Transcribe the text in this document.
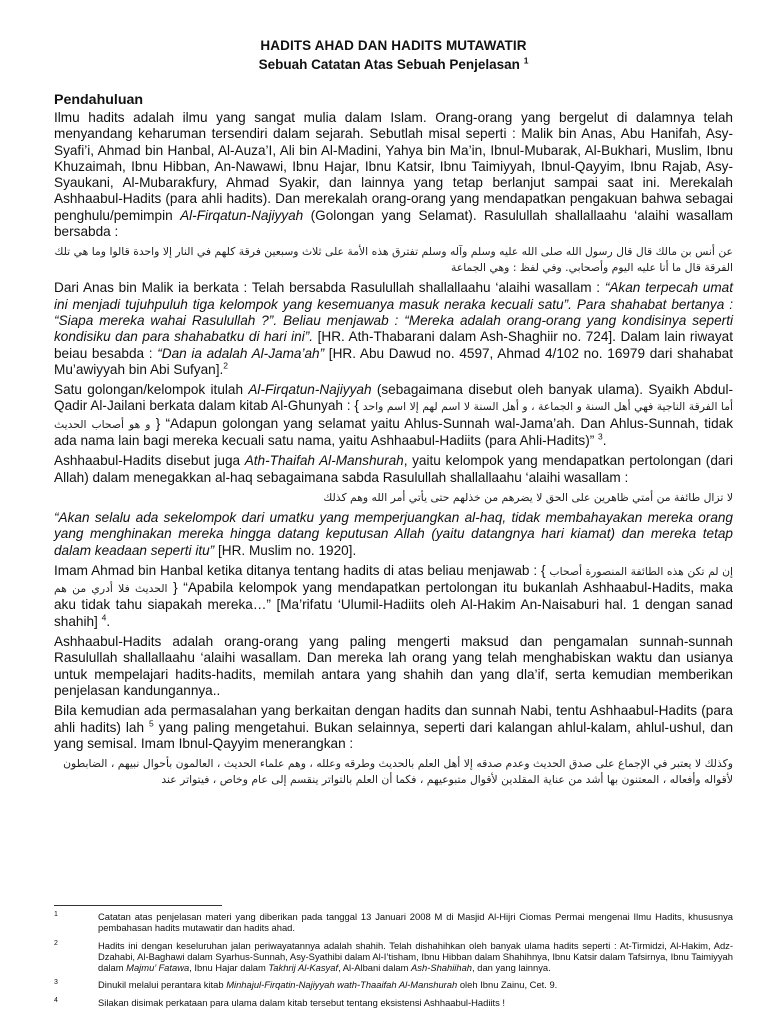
HADITS AHAD DAN HADITS MUTAWATIR
Sebuah Catatan Atas Sebuah Penjelasan $^1$
Pendahuluan

Ilmu hadits adalah ilmu yang sangat mulia dalam Islam. Orang-orang yang bergelut di dalamnya telah menyandang keharuman tersendiri dalam sejarah. Sebutlah misal seperti : Malik bin Anas, Abu Hanifah, Asy-Syafi’i, Ahmad bin Hanbal, Al-Auza’I, Ali bin Al-Madini, Yahya bin Ma’in, Ibnul-Mubarak, Al-Bukhari, Muslim, Ibnu Khuzaimah, Ibnu Hibban, An-Nawawi, Ibnu Hajar, Ibnu Katsir, Ibnu Taimiyyah, Ibnul-Qayyim, Ibnu Rajab, Asy-Syaukani, Al-Mubarakfury, Ahmad Syakir, dan lainnya yang tetap berlanjut sampai saat ini. Merekalah Ashhaabul-Hadits (para ahli hadits). Dan merekalah orang-orang yang mendapatkan pengakuan bahwa sebagai penghulu/pemimpin Al-Firqatun-Najiyyah (Golongan yang Selamat). Rasulullah shallallaahu ‘alaihi wasallam bersabda :

عن أنس بن مالك قال قال رسول الله صلى الله عليه وسلم وآله وسلم تفترق هذه الأمة على ثلاث وسبعين فرقة كلهم في النار إلا واحدة قالوا وما هي تلك الفرقة قال ما أنا عليه اليوم وأصحابي. وفي لفظ : وهي الجماعة

Dari Anas bin Malik ia berkata : Telah bersabda Rasulullah shallallaahu ‘alaihi wasallam : “Akan terpecah umat ini menjadi tujuhpuluh tiga kelompok yang kesemuanya masuk neraka kecuali satu”. Para shahabat bertanya : “Siapa mereka wahai Rasulullah ?”. Beliau menjawab : “Mereka adalah orang-orang yang kondisinya seperti kondisiku dan para shahabatku di hari ini”. [HR. Ath-Thabarani dalam Ash-Shaghiir no. 724]. Dalam lain riwayat beiau besabda : “Dan ia adalah Al-Jama’ah” [HR. Abu Dawud no. 4597, Ahmad 4/102 no. 16979 dari shahabat Mu’awiyyah bin Abi Sufyan].$^2$

Satu golongan/kelompok itulah Al-Firqatun-Najiyyah (sebagaimana disebut oleh banyak ulama). Syaikh Abdul-Qadir Al-Jailani berkata dalam kitab Al-Ghunyah : { أما الفرقة الناجية فهي أهل السنة و الجماعة ، و أهل السنة لا اسم لهم إلا اسم واحد و هو أصحاب الحديث } “Adapun golongan yang selamat yaitu Ahlus-Sunnah wal-Jama’ah. Dan Ahlus-Sunnah, tidak ada nama lain bagi mereka kecuali satu nama, yaitu Ashhaabul-Hadiits (para Ahli-Hadits)” $^3$.

Ashhaabul-Hadits disebut juga Ath-Thaifah Al-Manshurah, yaitu kelompok yang mendapatkan pertolongan (dari Allah) dalam menegakkan al-haq sebagaimana sabda Rasulullah shallallaahu ‘alaihi wasallam :

لا تزال طائفة من أمتي ظاهرين على الحق لا يضرهم من خذلهم حتى يأتي أمر الله وهم كذلك

“Akan selalu ada sekelompok dari umatku yang memperjuangkan al-haq, tidak membahayakan mereka orang yang menghinakan mereka hingga datang keputusan Allah (yaitu datangnya hari kiamat) dan mereka tetap dalam keadaan seperti itu” [HR. Muslim no. 1920].

Imam Ahmad bin Hanbal ketika ditanya tentang hadits di atas beliau menjawab : { إن لم تكن هذه الطائفة المنصورة أصحاب الحديث فلا أدري من هم } “Apabila kelompok yang mendapatkan pertolongan itu bukanlah Ashhaabul-Hadits, maka aku tidak tahu siapakah mereka…” [Ma’rifatu ‘Ulumil-Hadiits oleh Al-Hakim An-Naisaburi hal. 1 dengan sanad shahih] $^4$.

Ashhaabul-Hadits adalah orang-orang yang paling mengerti maksud dan pengamalan sunnah-sunnah Rasulullah shallallaahu ‘alaihi wasallam. Dan mereka lah orang yang telah menghabiskan waktu dan usianya untuk mempelajari hadits-hadits, memilah antara yang shahih dan yang dla’if, serta kemudian memberikan penjelasan kandungannya..

Bila kemudian ada permasalahan yang berkaitan dengan hadits dan sunnah Nabi, tentu Ashhaabul-Hadits (para ahli hadits) lah $^5$ yang paling mengetahui. Bukan selainnya, seperti dari kalangan ahlul-kalam, ahlul-ushul, dan yang semisal. Imam Ibnul-Qayyim menerangkan :

وكذلك لا يعتبر في الإجماع على صدق الحديث وعدم صدقه إلا أهل العلم بالحديث وطرقه وعلله ، وهم علماء الحديث ، العالمون بأحوال نبيهم ، الضابطون لأقواله وأفعاله ، المعتنون بها أشد من عناية المقلدين لأقوال متبوعيهم ، فكما أن العلم بالتواتر ينقسم إلى عام وخاص ، فيتواتر عند

1	Catatan atas penjelasan materi yang diberikan pada tanggal 13 Januari 2008 M di Masjid Al-Hijri Ciomas Permai mengenai Ilmu Hadits, khususnya pembahasan hadits mutawatir dan hadits ahad.
2	Hadits ini dengan keseluruhan jalan periwayatannya adalah shahih. Telah dishahihkan oleh banyak ulama hadits seperti : At-Tirmidzi, Al-Hakim, Adz-Dzahabi, Al-Baghawi dalam Syarhus-Sunnah, Asy-Syathibi dalam Al-I’tisham, Ibnu Hibban dalam Shahihnya, Ibnu Katsir dalam Tafsirnya, Ibnu Taimiyyah dalam Majmu’ Fatawa, Ibnu Hajar dalam Takhrij Al-Kasyaf, Al-Albani dalam Ash-Shahiihah, dan yang lainnya.
3	Dinukil melalui perantara kitab Minhajul-Firqatin-Najiyyah wath-Thaaifah Al-Manshurah oleh Ibnu Zainu, Cet. 9.
4	Silakan disimak perkataan para ulama dalam kitab tersebut tentang eksistensi Ashhaabul-Hadiits !
